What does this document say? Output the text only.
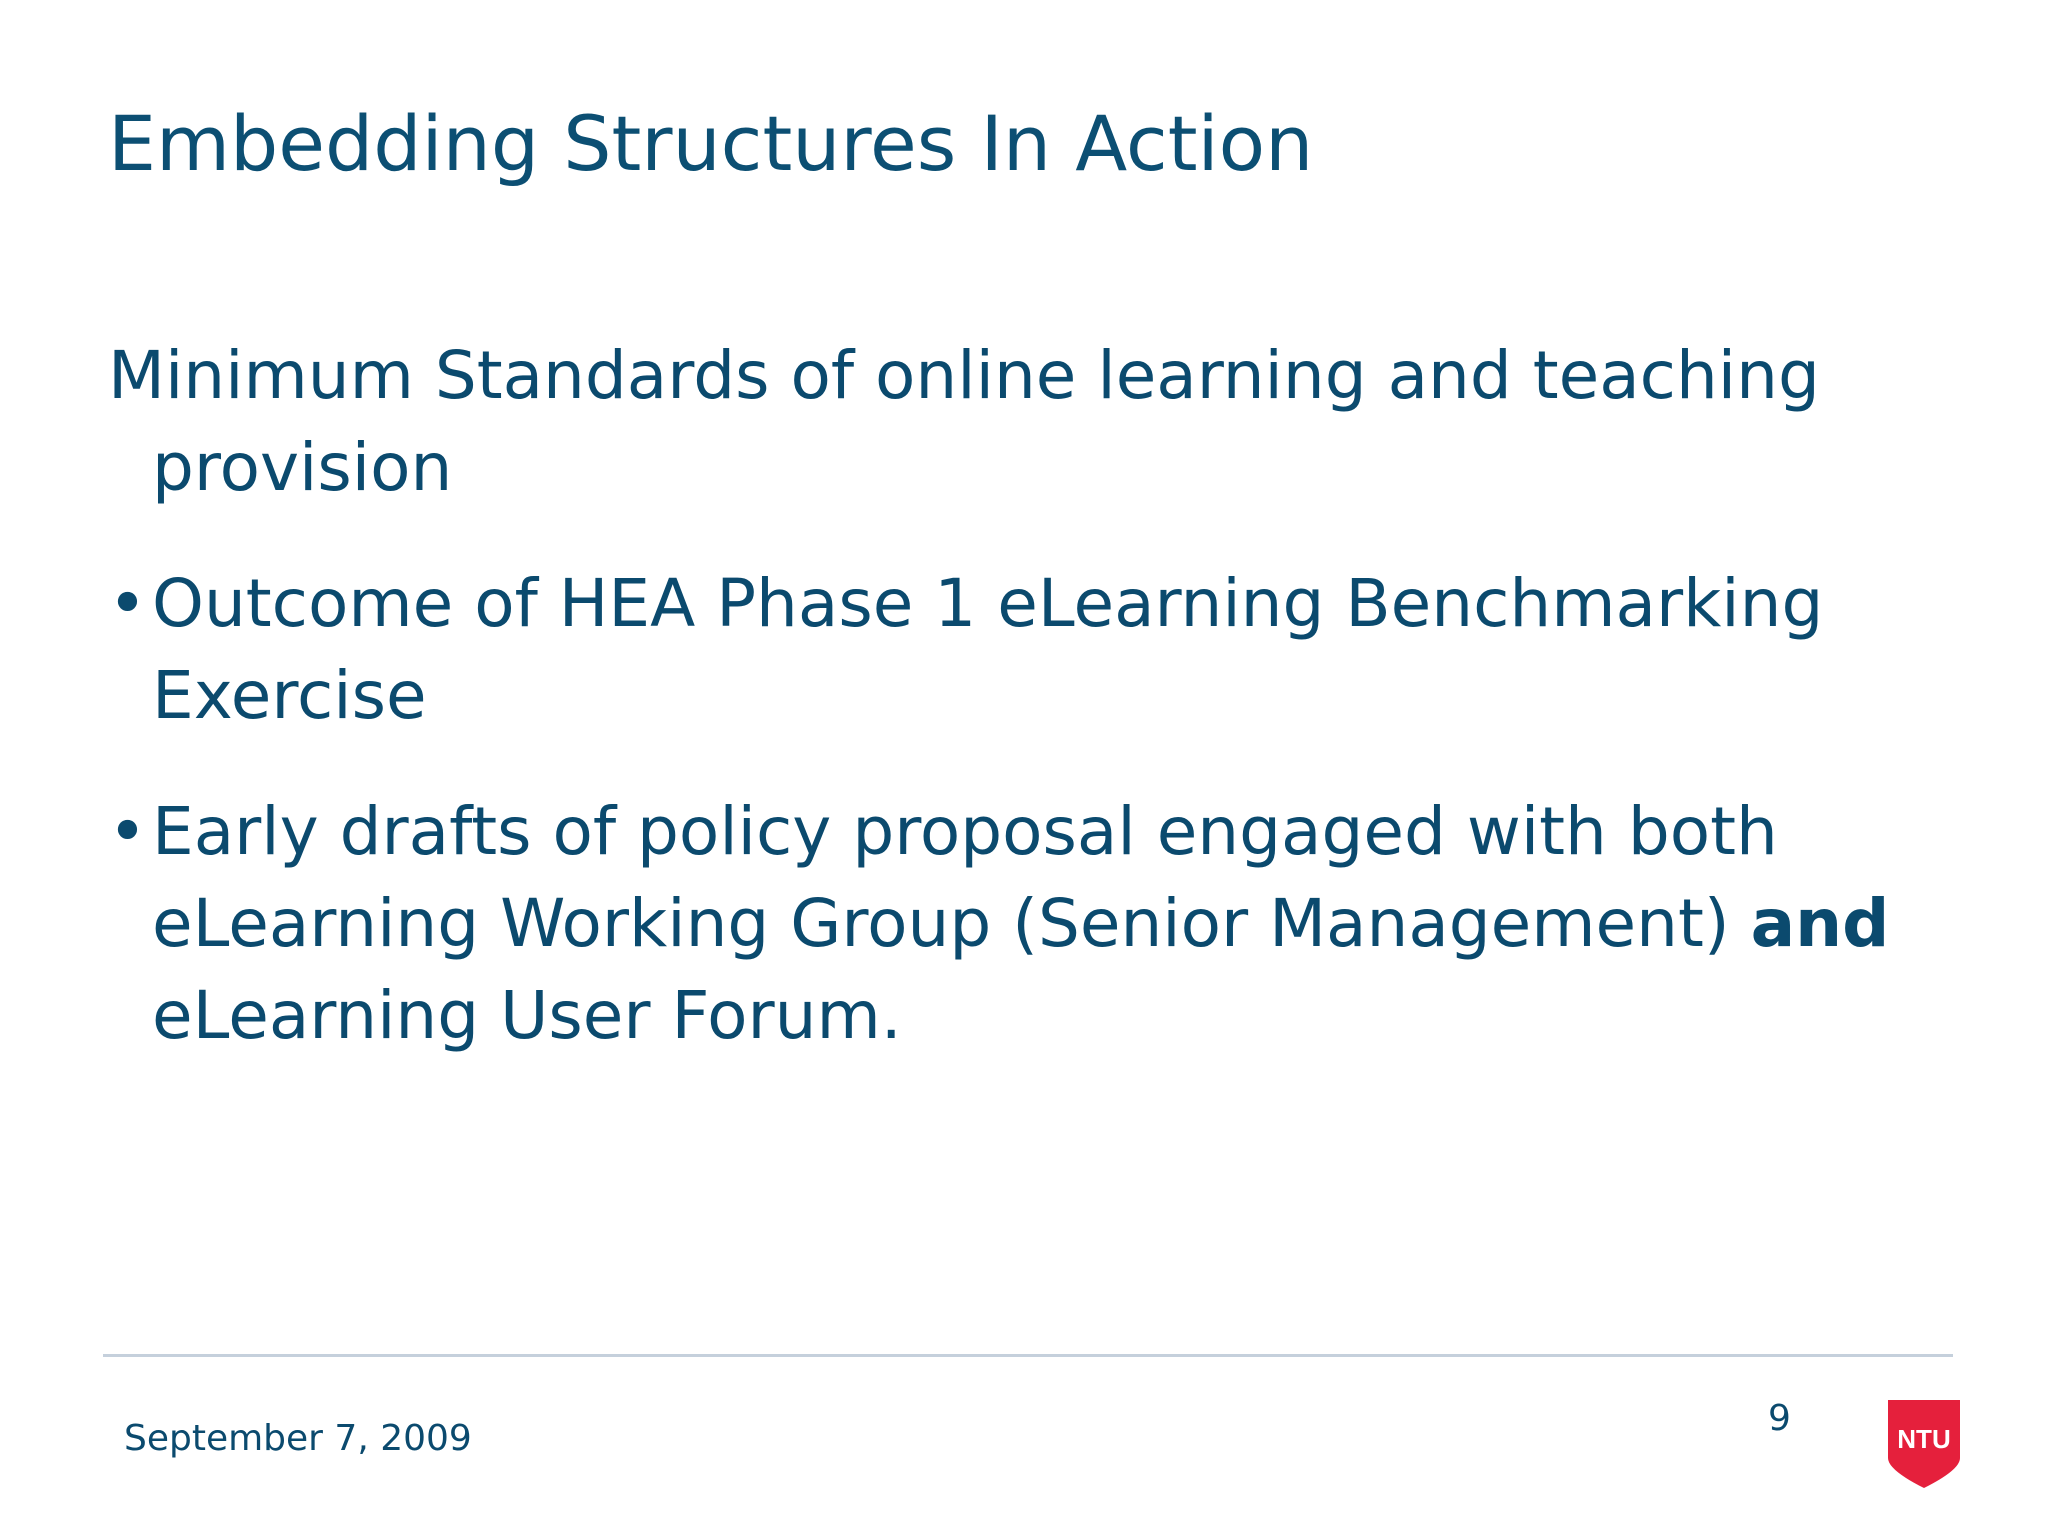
Embedding Structures In Action

Minimum Standards of online learning and teaching provision

• Outcome of HEA Phase 1 eLearning Benchmarking Exercise
• Early drafts of policy proposal engaged with both eLearning Working Group (Senior Management) and eLearning User Forum.
September 7, 2009	9	NTU
